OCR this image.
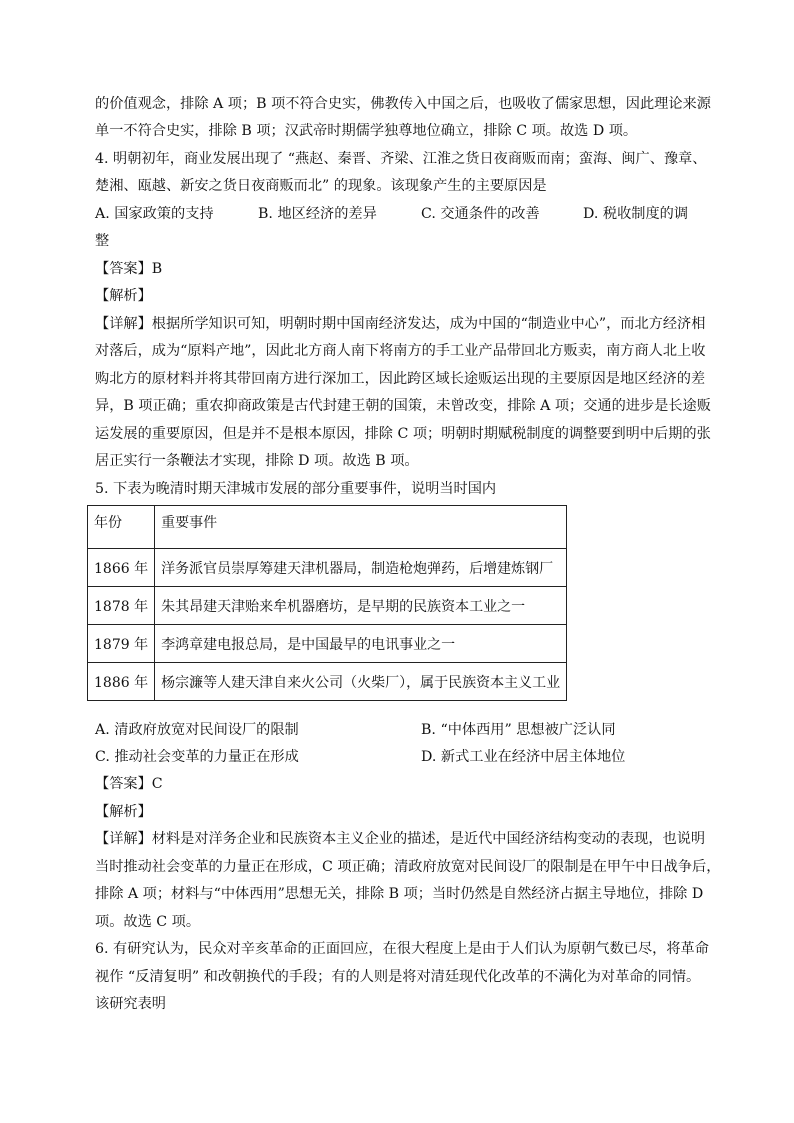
的价值观念，排除 A 项；B 项不符合史实，佛教传入中国之后，也吸收了儒家思想，因此理论来源
单一不符合史实，排除 B 项；汉武帝时期儒学独尊地位确立，排除 C 项。故选 D 项。
4. 明朝初年，商业发展出现了 “燕赵、秦晋、齐梁、江淮之货日夜商贩而南；蛮海、闽广、豫章、
楚湘、瓯越、新安之货日夜商贩而北” 的现象。该现象产生的主要原因是
A. 国家政策的支持	B. 地区经济的差异	C. 交通条件的改善	D. 税收制度的调
整
【答案】B
【解析】
【详解】根据所学知识可知，明朝时期中国南经济发达，成为中国的“制造业中心”，而北方经济相
对落后，成为“原料产地”，因此北方商人南下将南方的手工业产品带回北方贩卖，南方商人北上收
购北方的原材料并将其带回南方进行深加工，因此跨区域长途贩运出现的主要原因是地区经济的差
异，B 项正确；重农抑商政策是古代封建王朝的国策，未曾改变，排除 A 项；交通的进步是长途贩
运发展的重要原因，但是并不是根本原因，排除 C 项；明朝时期赋税制度的调整要到明中后期的张
居正实行一条鞭法才实现，排除 D 项。故选 B 项。
5. 下表为晚清时期天津城市发展的部分重要事件，说明当时国内
年份	重要事件
1866 年	洋务派官员崇厚筹建天津机器局，制造枪炮弹药，后增建炼钢厂
1878 年	朱其昂建天津贻来牟机器磨坊，是早期的民族资本工业之一
1879 年	李鸿章建电报总局，是中国最早的电讯事业之一
1886 年	杨宗濂等人建天津自来火公司（火柴厂），属于民族资本主义工业
A. 清政府放宽对民间设厂的限制	B. “中体西用” 思想被广泛认同
C. 推动社会变革的力量正在形成	D. 新式工业在经济中居主体地位
【答案】C
【解析】
【详解】材料是对洋务企业和民族资本主义企业的描述，是近代中国经济结构变动的表现，也说明
当时推动社会变革的力量正在形成，C 项正确；清政府放宽对民间设厂的限制是在甲午中日战争后，
排除 A 项；材料与“中体西用”思想无关，排除 B 项；当时仍然是自然经济占据主导地位，排除 D
项。故选 C 项。
6. 有研究认为，民众对辛亥革命的正面回应，在很大程度上是由于人们认为原朝气数已尽，将革命
视作 “反清复明” 和改朝换代的手段；有的人则是将对清廷现代化改革的不满化为对革命的同情。
该研究表明
